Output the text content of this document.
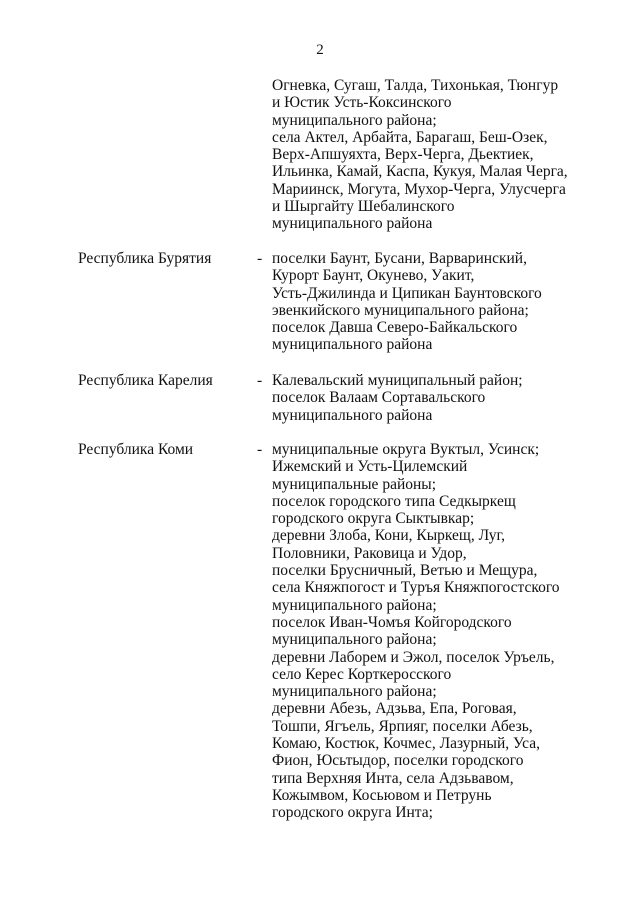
2
Огневка, Сугаш, Талда, Тихонькая, Тюнгур
и Юстик Усть-Коксинского
муниципального района;
села Актел, Арбайта, Барагаш, Беш-Озек,
Верх-Апшуяхта, Верх-Черга, Дьектиек,
Ильинка, Камай, Каспа, Кукуя, Малая Черга,
Мариинск, Могута, Мухор-Черга, Улусчерга
и Шыргайту Шебалинского
муниципального района
Республика Бурятия	- поселки Баунт, Бусани, Варваринский,
Курорт Баунт, Окунево, Уакит,
Усть-Джилинда и Ципикан Баунтовского
эвенкийского муниципального района;
поселок Давша Северо-Байкальского
муниципального района
Республика Карелия	- Калевальский муниципальный район;
поселок Валаам Сортавальского
муниципального района
Республика Коми	- муниципальные округа Вуктыл, Усинск;
Ижемский и Усть-Цилемский
муниципальные районы;
поселок городского типа Седкыркещ
городского округа Сыктывкар;
деревни Злоба, Кони, Кыркещ, Луг,
Половники, Раковица и Удор,
поселки Брусничный, Ветью и Мещура,
села Княжпогост и Туръя Княжпогостского
муниципального района;
поселок Иван-Чомъя Койгородского
муниципального района;
деревни Лаборем и Эжол, поселок Уръель,
село Керес Корткеросского
муниципального района;
деревни Абезь, Адзьва, Епа, Роговая,
Тошпи, Ягъель, Ярпияг, поселки Абезь,
Комаю, Костюк, Кочмес, Лазурный, Уса,
Фион, Юсьтыдор, поселки городского
типа Верхняя Инта, села Адзьвавом,
Кожымвом, Косьювом и Петрунь
городского округа Инта;
